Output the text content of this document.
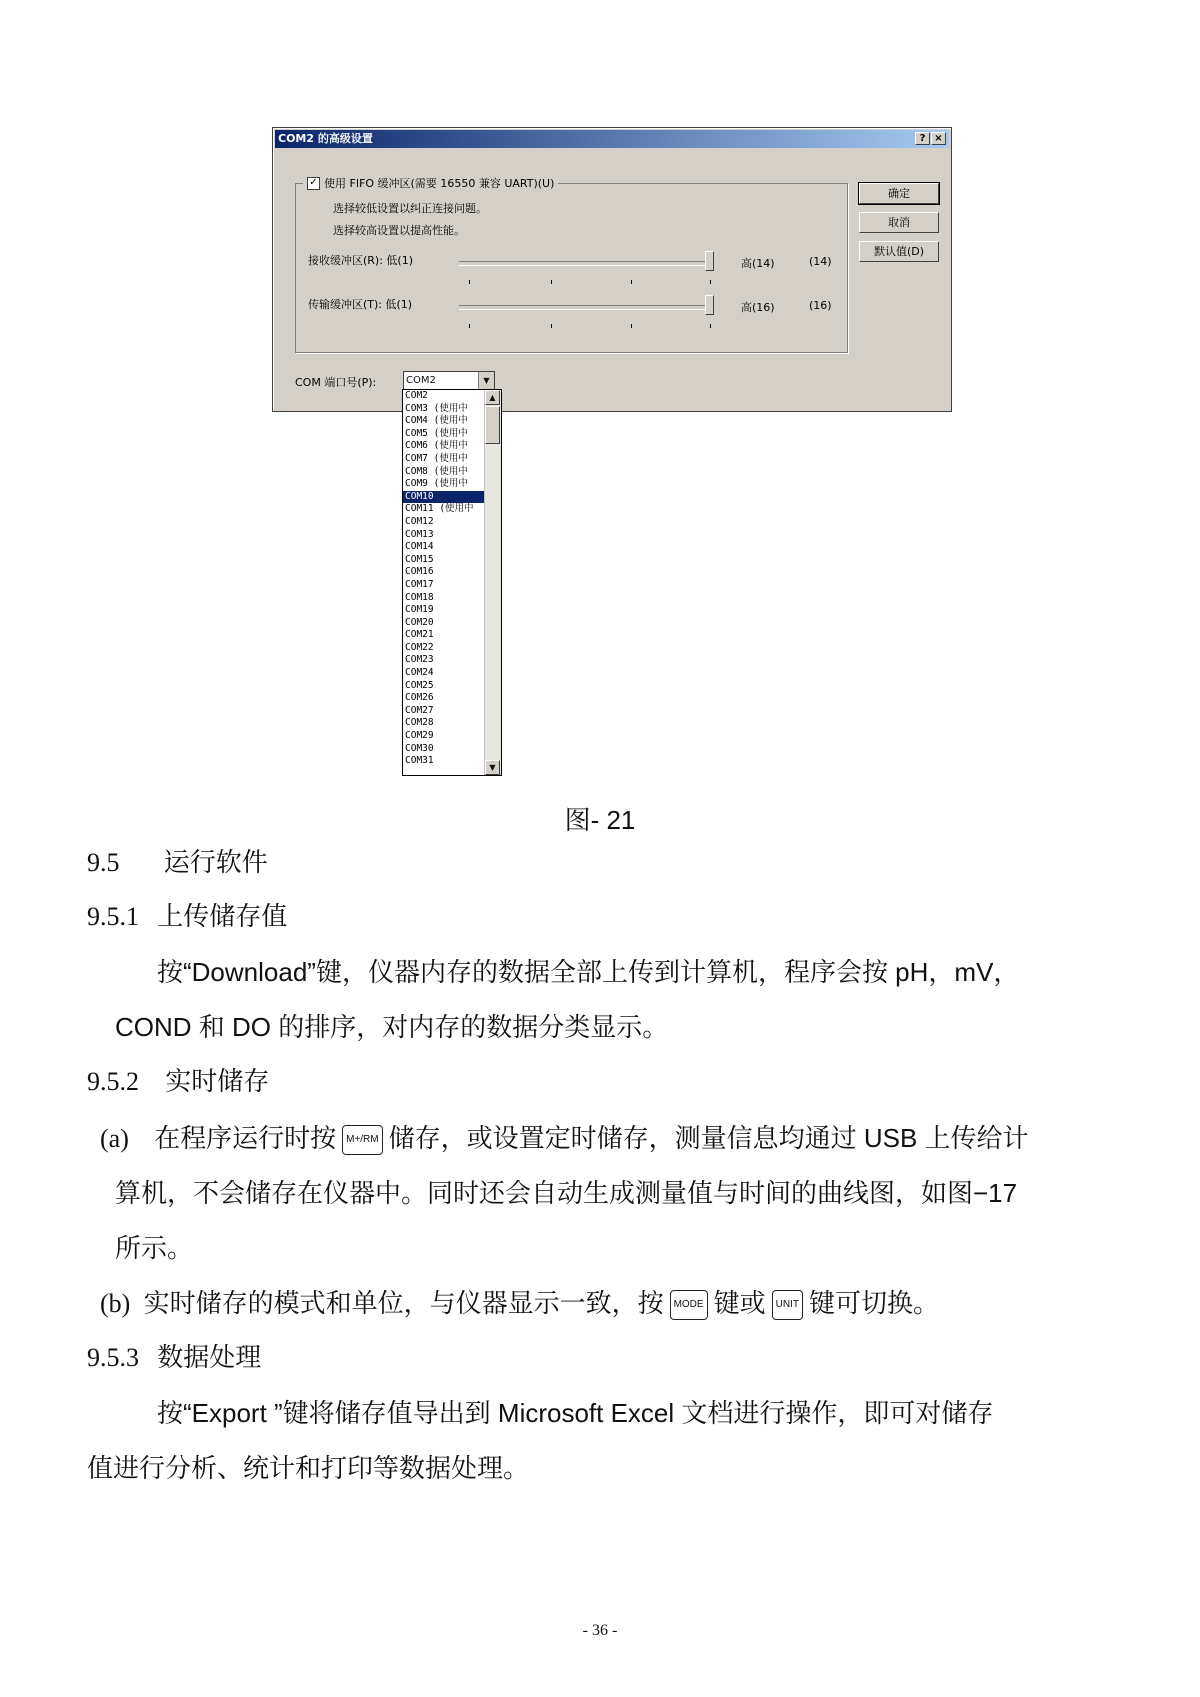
COM2 的高级设置	? ×
✓ 使用 FIFO 缓冲区(需要 16550 兼容 UART)(U)
选择较低设置以纠正连接问题。
选择较高设置以提高性能。
接收缓冲区(R): 低(1)	高(14)	(14)
传输缓冲区(T): 低(1)	高(16)	(16)
确定
取消
默认值(D)
COM 端口号(P):	COM2	▼
COM2
COM3 (使用中
COM4 (使用中
COM5 (使用中
COM6 (使用中
COM7 (使用中
COM8 (使用中
COM9 (使用中
COM10
COM11 (使用中
COM12
COM13
COM14
COM15
COM16
COM17
COM18
COM19
COM20
COM21
COM22
COM23
COM24
COM25
COM26
COM27
COM28
COM29
COM30
COM31
▲
▼
图- 21
9.5 运行软件
9.5.1 上传储存值
按“Download”键，仪器内存的数据全部上传到计算机，程序会按 pH，mV，
COND 和 DO 的排序，对内存的数据分类显示。
9.5.2 实时储存
(a) 在程序运行时按 M+/RM 储存，或设置定时储存，测量信息均通过 USB 上传给计
算机，不会储存在仪器中。同时还会自动生成测量值与时间的曲线图，如图−17
所示。
(b) 实时储存的模式和单位，与仪器显示一致，按 MODE 键或 UNIT 键可切换。
9.5.3 数据处理
按“Export ”键将储存值导出到 Microsoft Excel 文档进行操作，即可对储存
值进行分析、统计和打印等数据处理。
- 36 -
